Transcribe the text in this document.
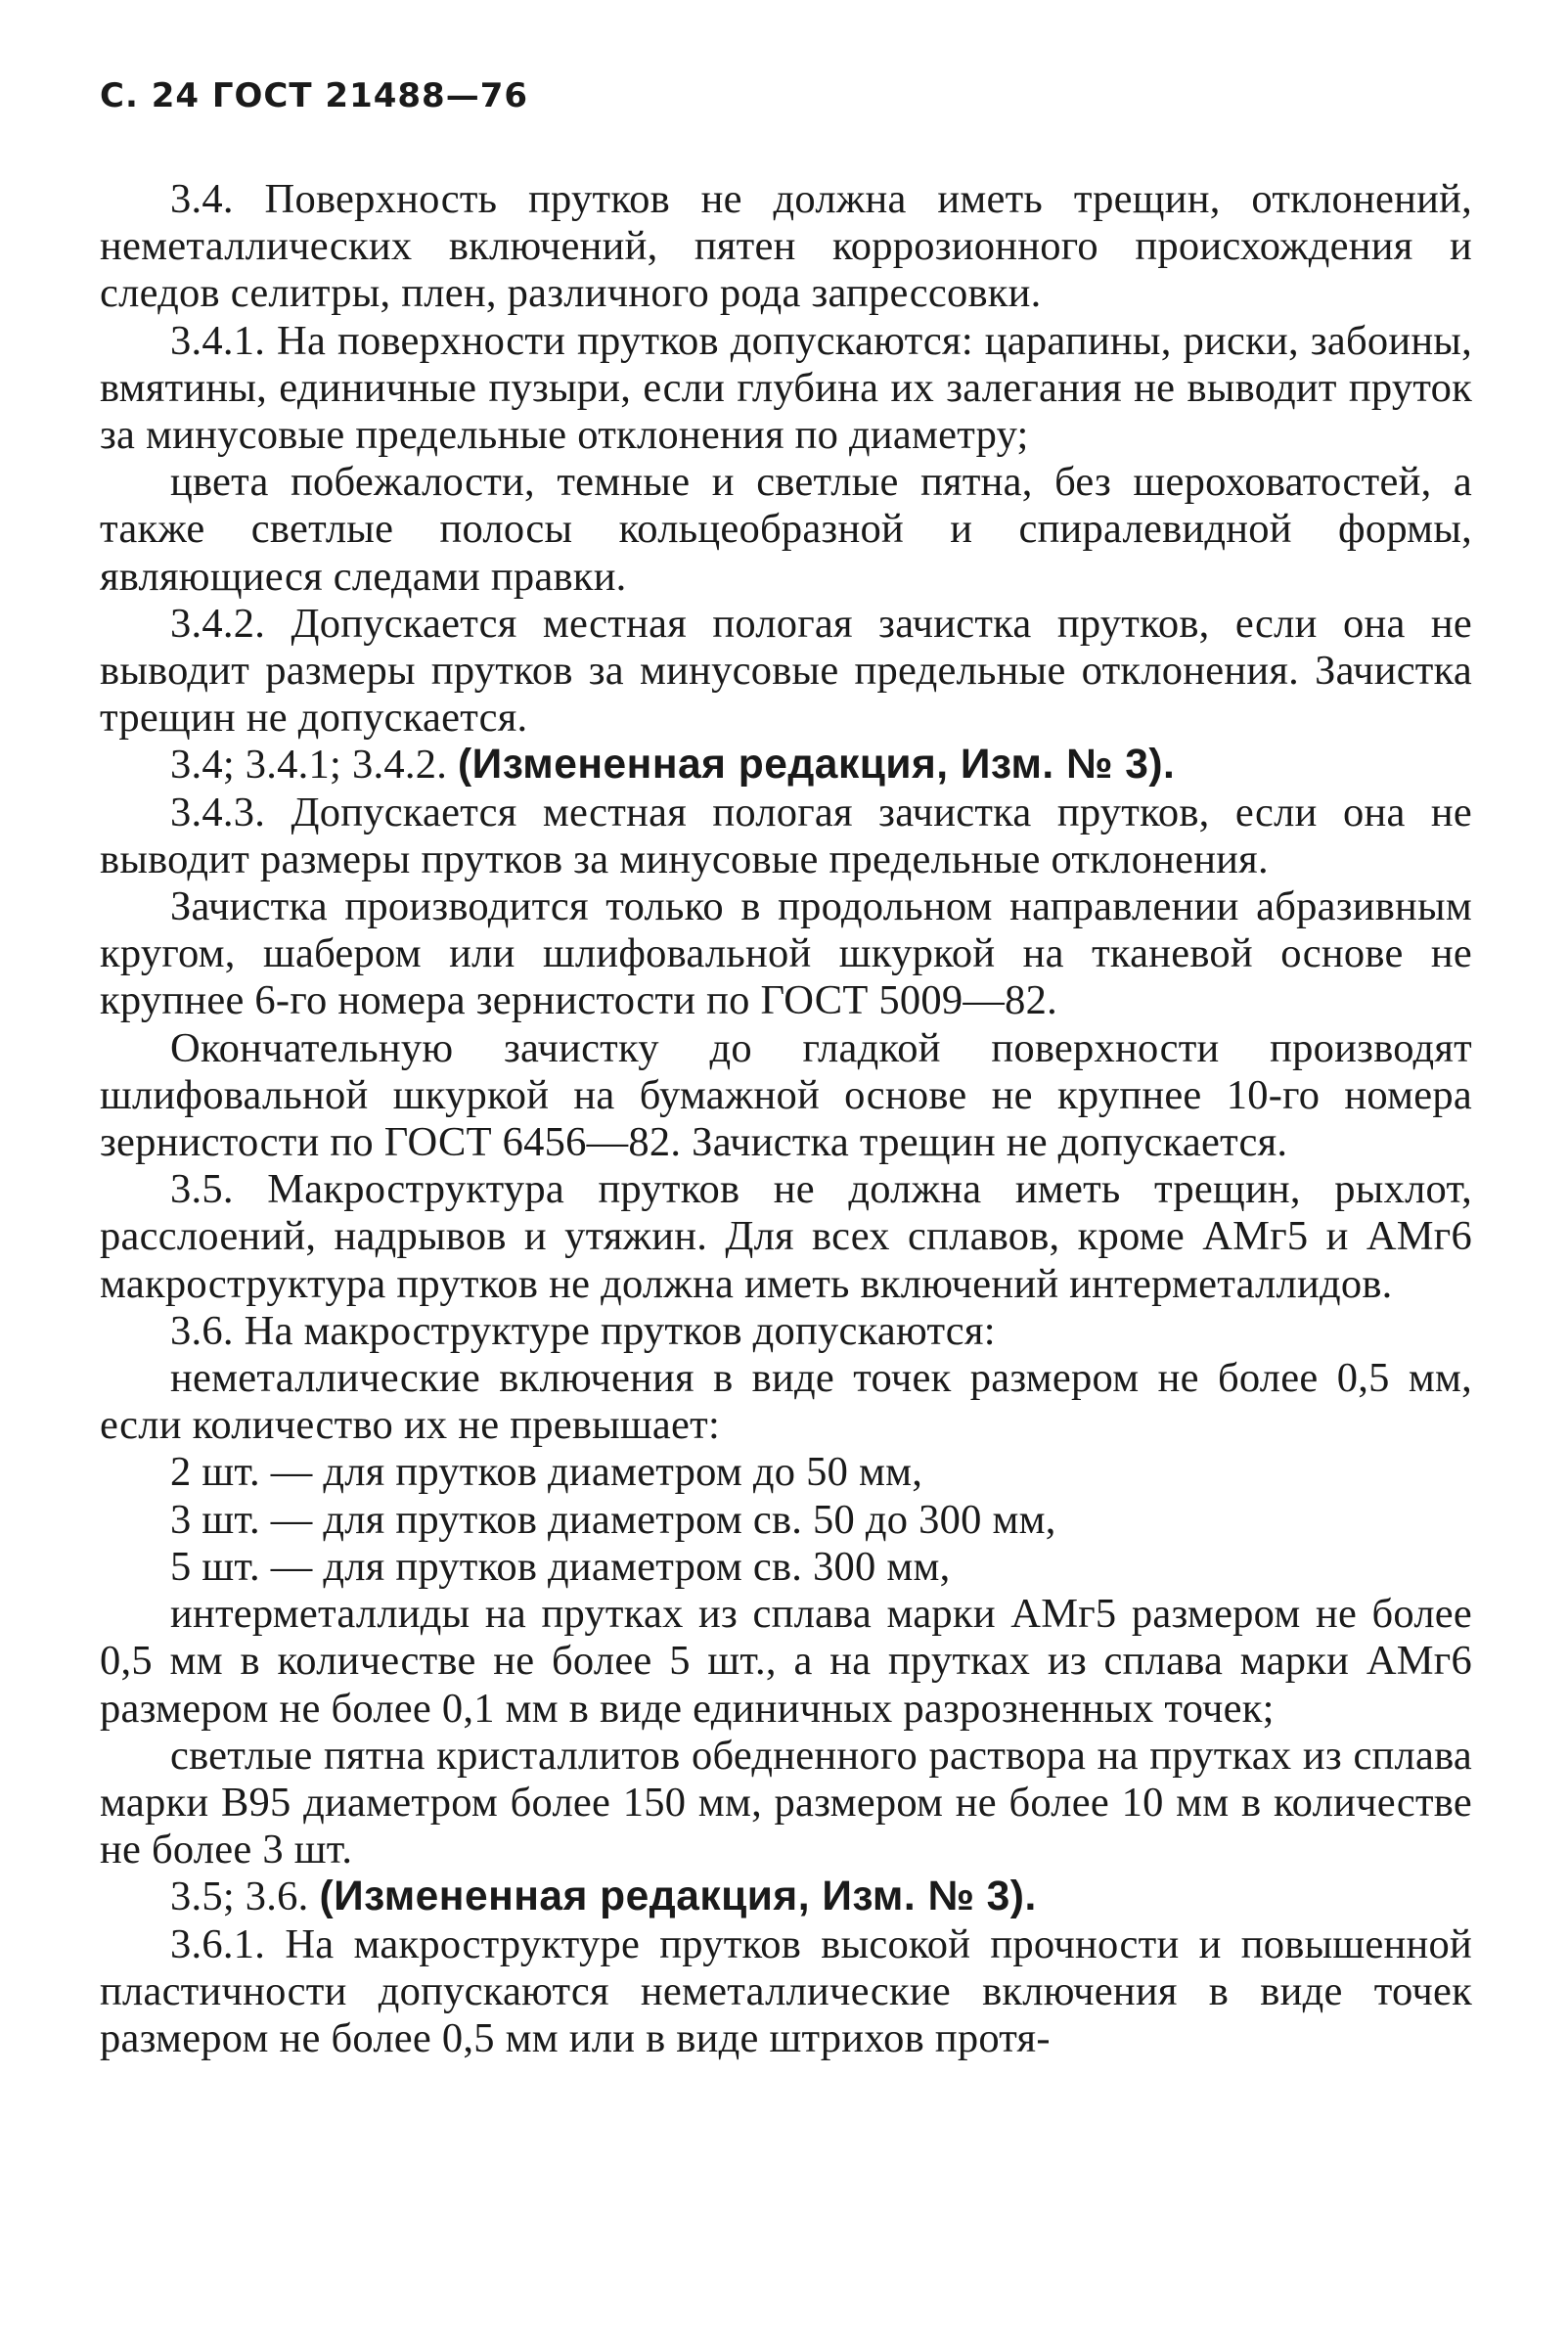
С. 24 ГОСТ 21488—76

3.4. Поверхность прутков не должна иметь трещин, отклонений, неметаллических включений, пятен коррозионного происхождения и следов селитры, плен, различного рода запрессовки.

3.4.1. На поверхности прутков допускаются: царапины, риски, забоины, вмятины, единичные пузыри, если глубина их залегания не выводит пруток за минусовые предельные отклонения по диаметру;

цвета побежалости, темные и светлые пятна, без шероховатостей, а также светлые полосы кольцеобразной и спиралевидной формы, являющиеся следами правки.

3.4.2. Допускается местная пологая зачистка прутков, если она не выводит размеры прутков за минусовые предельные отклонения. Зачистка трещин не допускается.

3.4; 3.4.1; 3.4.2. (Измененная редакция, Изм. № 3).

3.4.3. Допускается местная пологая зачистка прутков, если она не выводит размеры прутков за минусовые предельные отклонения.

Зачистка производится только в продольном направлении абразивным кругом, шабером или шлифовальной шкуркой на тканевой основе не крупнее 6-го номера зернистости по ГОСТ 5009—82.

Окончательную зачистку до гладкой поверхности производят шлифовальной шкуркой на бумажной основе не крупнее 10-го номера зернистости по ГОСТ 6456—82. Зачистка трещин не допускается.

3.5. Макроструктура прутков не должна иметь трещин, рыхлот, расслоений, надрывов и утяжин. Для всех сплавов, кроме АМг5 и АМг6 макроструктура прутков не должна иметь включений интерметаллидов.

3.6. На макроструктуре прутков допускаются:

неметаллические включения в виде точек размером не более 0,5 мм, если количество их не превышает:

2 шт. — для прутков диаметром до 50 мм,

3 шт. — для прутков диаметром св. 50 до 300 мм,

5 шт. — для прутков диаметром св. 300 мм,

интерметаллиды на прутках из сплава марки АМг5 размером не более 0,5 мм в количестве не более 5 шт., а на прутках из сплава марки АМг6 размером не более 0,1 мм в виде единичных разрозненных точек;

светлые пятна кристаллитов обедненного раствора на прутках из сплава марки В95 диаметром более 150 мм, размером не более 10 мм в количестве не более 3 шт.

3.5; 3.6. (Измененная редакция, Изм. № 3).

3.6.1. На макроструктуре прутков высокой прочности и повышенной пластичности допускаются неметаллические включения в виде точек размером не более 0,5 мм или в виде штрихов протя-
